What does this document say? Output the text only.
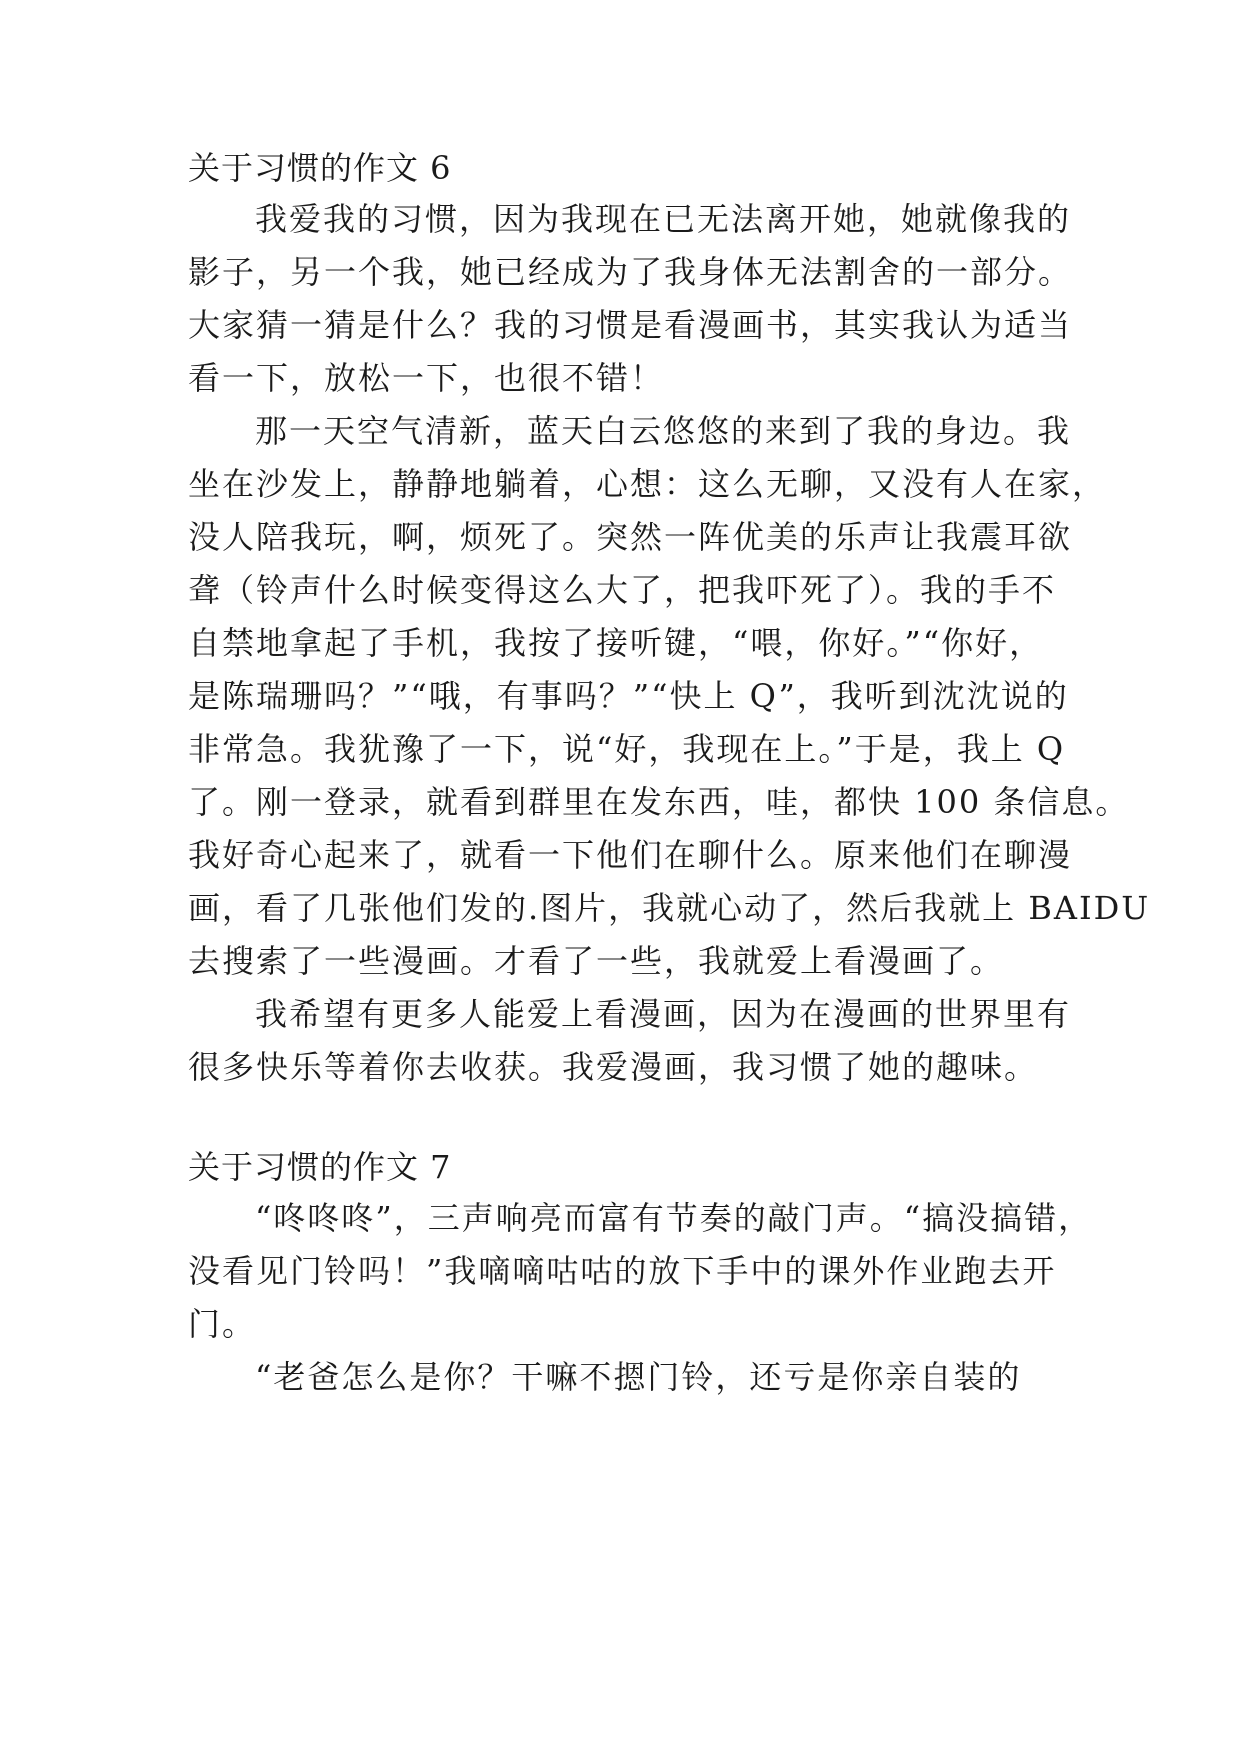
关于习惯的作文 6
我爱我的习惯，因为我现在已无法离开她，她就像我的
影子，另一个我，她已经成为了我身体无法割舍的一部分。
大家猜一猜是什么？我的习惯是看漫画书，其实我认为适当
看一下，放松一下，也很不错！
那一天空气清新，蓝天白云悠悠的来到了我的身边。我
坐在沙发上，静静地躺着，心想：这么无聊，又没有人在家，
没人陪我玩，啊，烦死了。突然一阵优美的乐声让我震耳欲
聋（铃声什么时候变得这么大了，把我吓死了）。我的手不
自禁地拿起了手机，我按了接听键，“喂，你好。”“你好，
是陈瑞珊吗？”“哦，有事吗？”“快上 Q”，我听到沈沈说的
非常急。我犹豫了一下，说“好，我现在上。”于是，我上 Q
了。刚一登录，就看到群里在发东西，哇，都快 100 条信息。
我好奇心起来了，就看一下他们在聊什么。原来他们在聊漫
画，看了几张他们发的.图片，我就心动了，然后我就上 BAIDU
去搜索了一些漫画。才看了一些，我就爱上看漫画了。
我希望有更多人能爱上看漫画，因为在漫画的世界里有
很多快乐等着你去收获。我爱漫画，我习惯了她的趣味。
关于习惯的作文 7
“咚咚咚”，三声响亮而富有节奏的敲门声。“搞没搞错，
没看见门铃吗！”我嘀嘀咕咕的放下手中的课外作业跑去开
门。
“老爸怎么是你？干嘛不摁门铃，还亏是你亲自装的
